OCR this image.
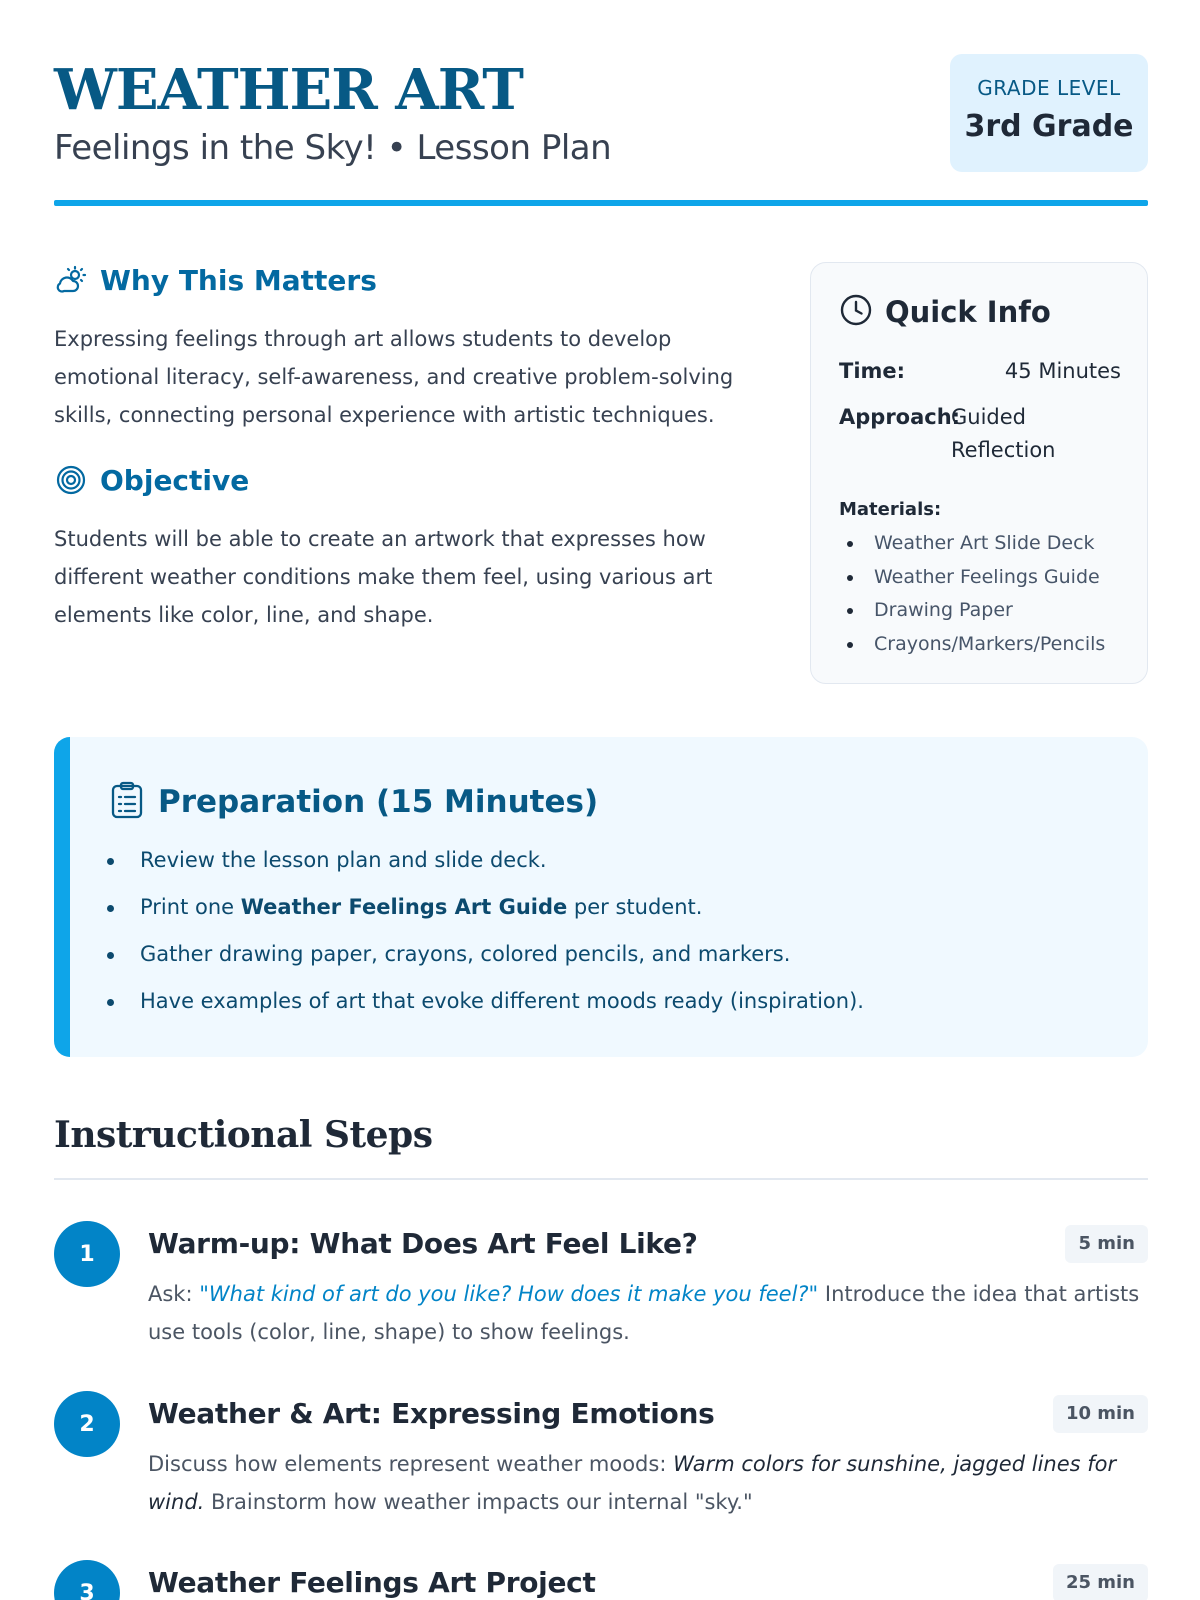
WEATHER ART
Feelings in the Sky! • Lesson Plan
GRADE LEVEL
3rd Grade
Why This Matters

Expressing feelings through art allows students to develop emotional literacy, self-awareness, and creative problem-solving skills, connecting personal experience with artistic techniques.

Objective

Students will be able to create an artwork that expresses how different weather conditions make them feel, using various art elements like color, line, and shape.

Quick Info
Time:	45 Minutes
Approach:
Guided Reflection
Materials:
Weather Art Slide Deck
Weather Feelings Guide
Drawing Paper
Crayons/Markers/Pencils
Preparation (15 Minutes)
Review the lesson plan and slide deck.
Print one Weather Feelings Art Guide per student.
Gather drawing paper, crayons, colored pencils, and markers.
Have examples of art that evoke different moods ready (inspiration).
Instructional Steps
1	Warm-up: What Does Art Feel Like?	5 min

Ask: "What kind of art do you like? How does it make you feel?" Introduce the idea that artists use tools (color, line, shape) to show feelings.

2	Weather & Art: Expressing Emotions	10 min

Discuss how elements represent weather moods: Warm colors for sunshine, jagged lines for wind. Brainstorm how weather impacts our internal "sky."

3	Weather Feelings Art Project	25 min
